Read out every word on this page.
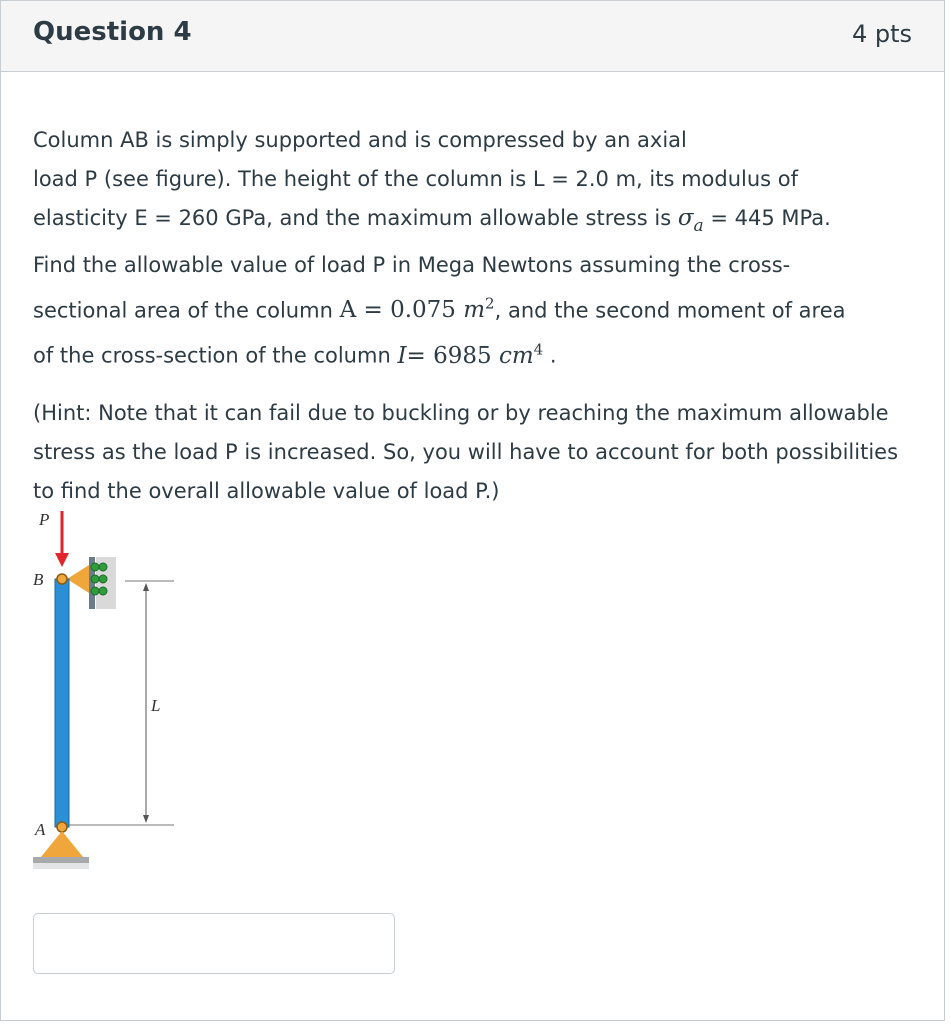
Question 4	4 pts

Column AB is simply supported and is compressed by an axial
load P (see figure). The height of the column is L = 2.0 m, its modulus of
elasticity E = 260 GPa, and the maximum allowable stress is $\sigma_a = 445$ MPa.
Find the allowable value of load P in Mega Newtons assuming the cross-
sectional area of the column A = 0.075 $m^2$, and the second moment of area
of the cross-section of the column I= 6985 $cm^4$ .

(Hint: Note that it can fail due to buckling or by reaching the maximum allowable stress as the load P is increased. So, you will have to account for both possibilities to find the overall allowable value of load P.)

P
B
L
A
